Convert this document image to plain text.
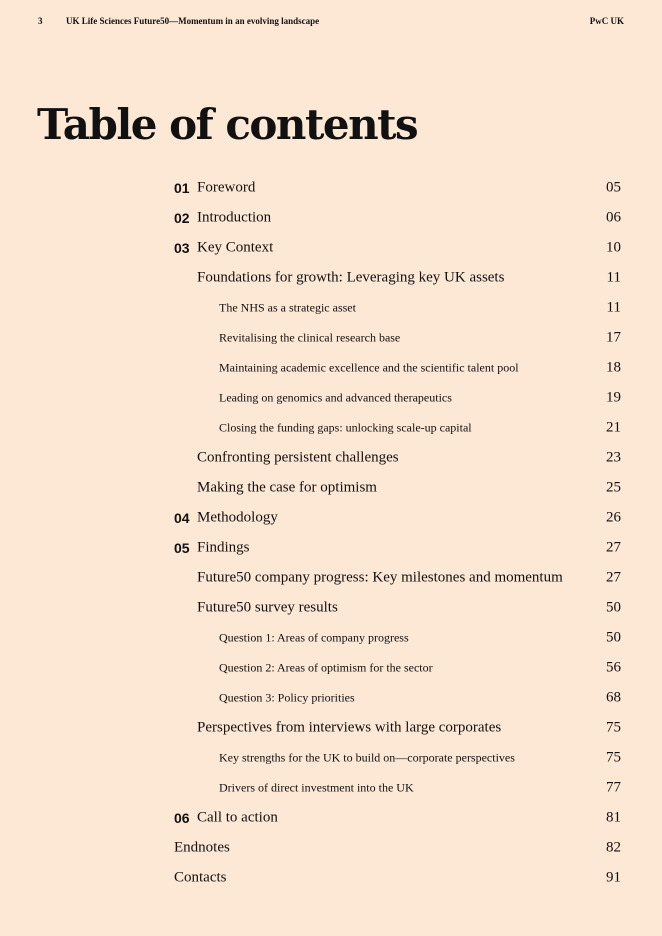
3	UK Life Sciences Future50—Momentum in an evolving landscape	PwC UK
Table of contents
01 Foreword	05
02 Introduction	06
03 Key Context	10
Foundations for growth: Leveraging key UK assets	11
The NHS as a strategic asset	11
Revitalising the clinical research base	17
Maintaining academic excellence and the scientific talent pool	18
Leading on genomics and advanced therapeutics	19
Closing the funding gaps: unlocking scale-up capital	21
Confronting persistent challenges	23
Making the case for optimism	25
04 Methodology	26
05 Findings	27
Future50 company progress: Key milestones and momentum	27
Future50 survey results	50
Question 1: Areas of company progress	50
Question 2: Areas of optimism for the sector	56
Question 3: Policy priorities	68
Perspectives from interviews with large corporates	75
Key strengths for the UK to build on—corporate perspectives	75
Drivers of direct investment into the UK	77
06 Call to action	81
Endnotes	82
Contacts	91
